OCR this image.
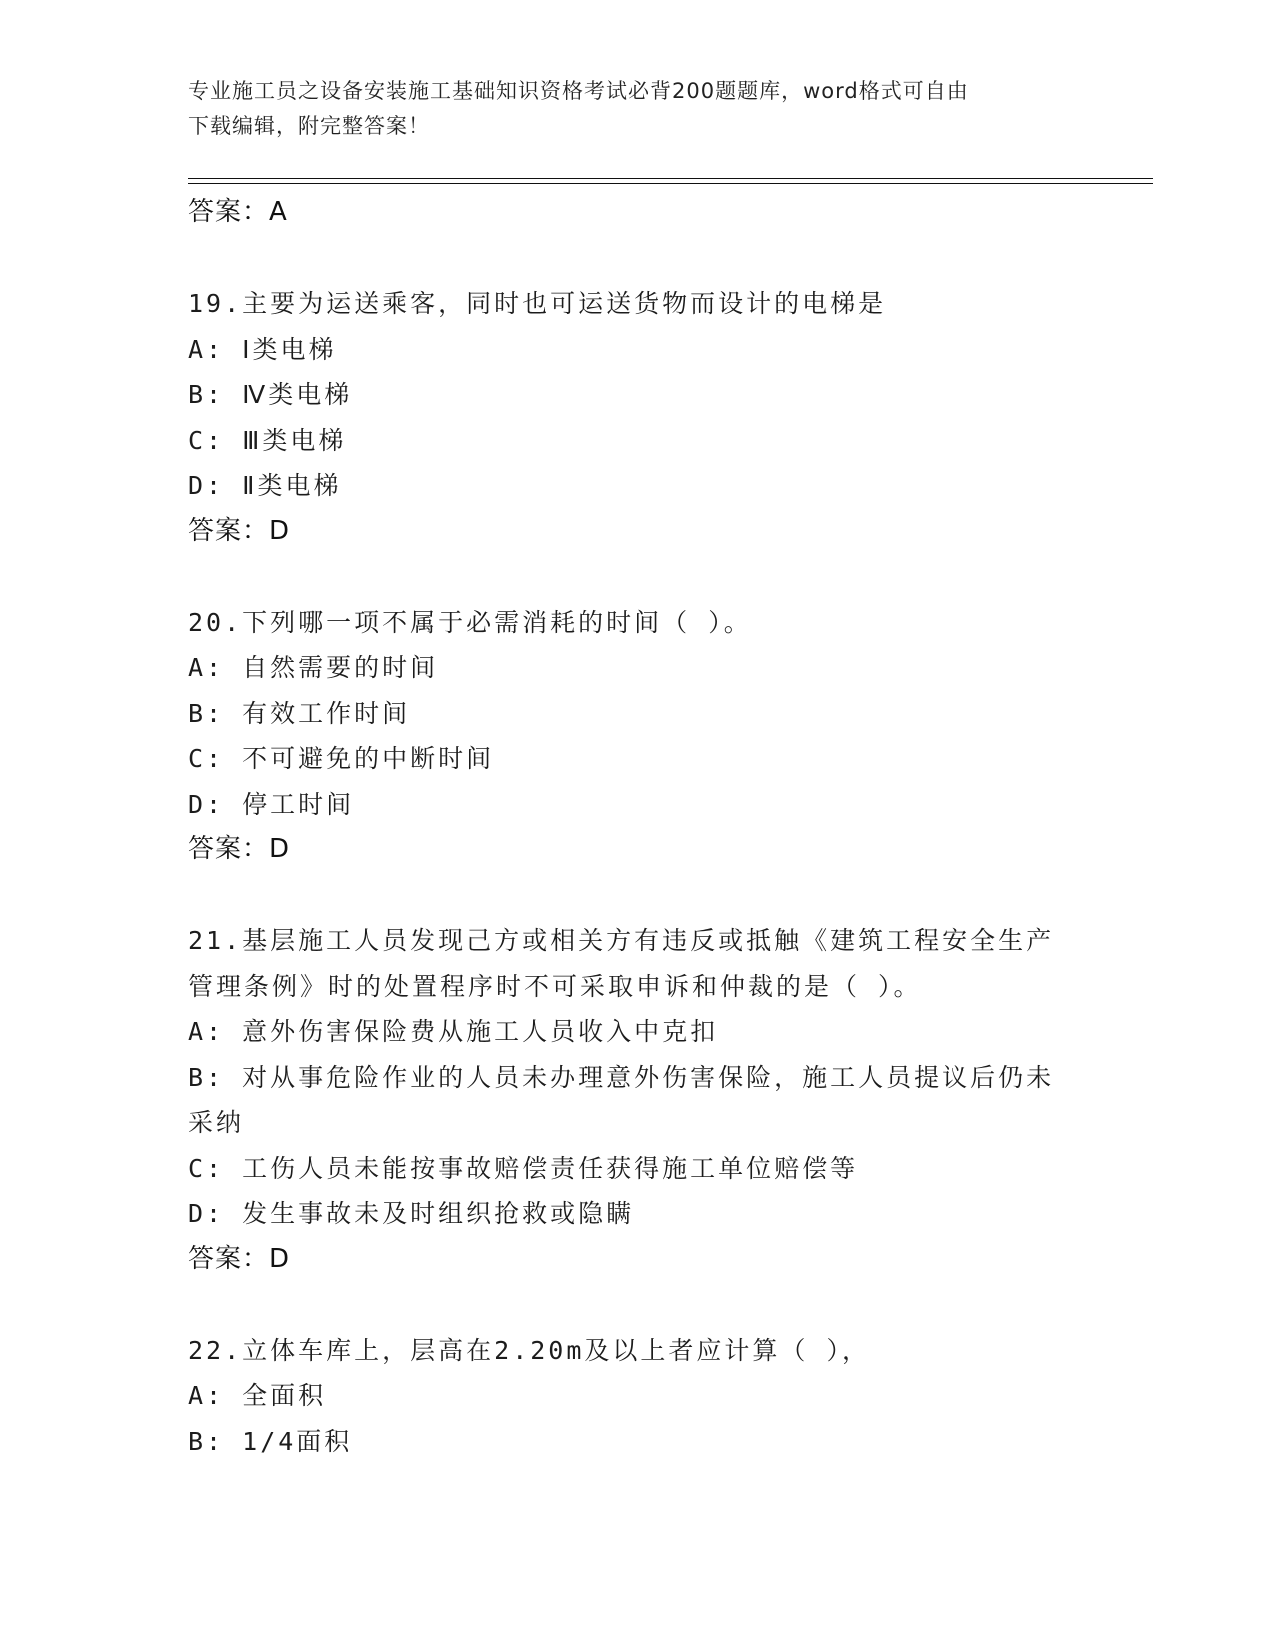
专业施工员之设备安装施工基础知识资格考试必背200题题库，word格式可自由
下载编辑，附完整答案！
答案：A
19.主要为运送乘客，同时也可运送货物而设计的电梯是
A: Ⅰ类电梯
B: Ⅳ类电梯
C: Ⅲ类电梯
D: Ⅱ类电梯
答案：D
20.下列哪一项不属于必需消耗的时间（ ）。
A: 自然需要的时间
B: 有效工作时间
C: 不可避免的中断时间
D: 停工时间
答案：D
21.基层施工人员发现己方或相关方有违反或抵触《建筑工程安全生产管理条例》时的处置程序时不可采取申诉和仲裁的是（ ）。
A: 意外伤害保险费从施工人员收入中克扣
B: 对从事危险作业的人员未办理意外伤害保险，施工人员提议后仍未采纳
C: 工伤人员未能按事故赔偿责任获得施工单位赔偿等
D: 发生事故未及时组织抢救或隐瞒
答案：D
22.立体车库上，层高在2.20m及以上者应计算（ ），
A: 全面积
B: 1/4面积
